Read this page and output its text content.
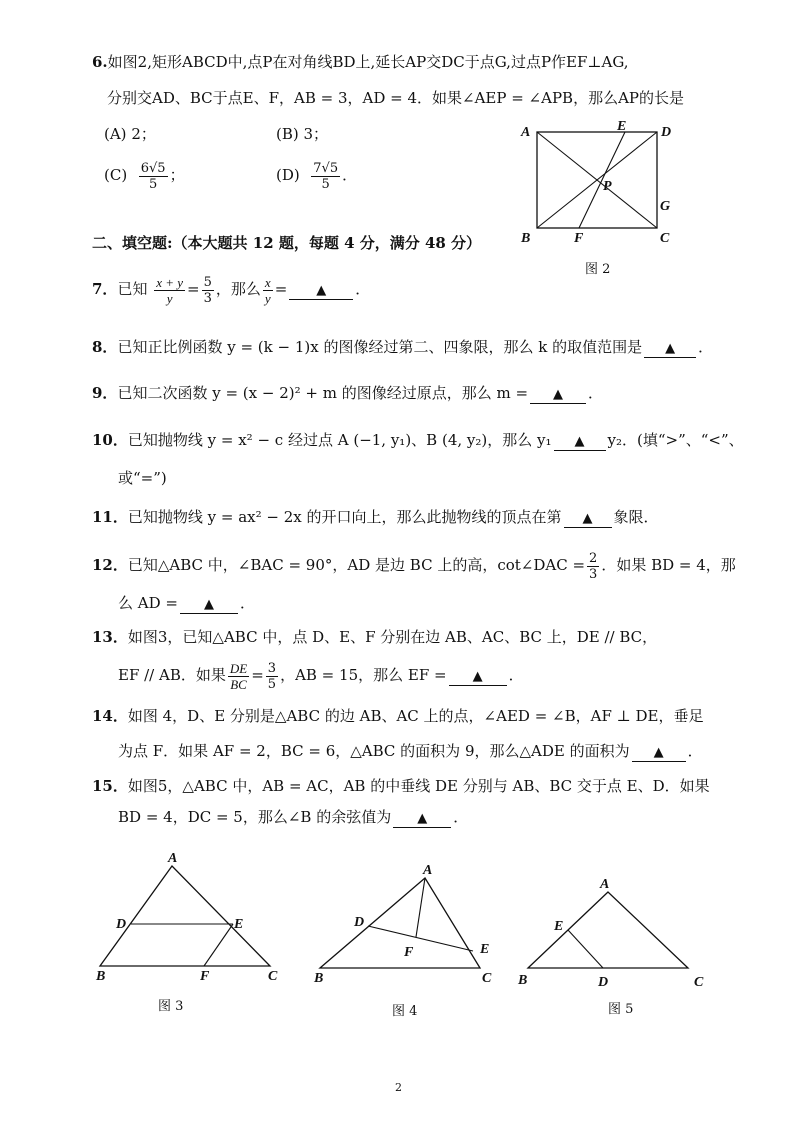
6.如图2,矩形ABCD中,点P在对角线BD上,延长AP交DC于点G,过点P作EF⊥AG,
分别交AD、BC于点E、F，AB = 3，AD = 4．如果∠AEP = ∠APB，那么AP的长是
(A) 2；	(B) 3；
$(C) \frac{6√5}{5}$ ；	$(D) \frac{7√5}{5}$ ．
A	E D
P
G
B	F	C
图 2
二、填空题:（本大题共 12 题，每题 4 分，满分 48 分）
7．已知 $\frac{x + y}{y} = \frac{5}{3}$ ，那么 $\frac{x}{y}$ = ▲ ．
8．已知正比例函数 y = (k − 1)x 的图像经过第二、四象限，那么 k 的取值范围是 ▲ ．
9．已知二次函数 y = (x − 2)² + m 的图像经过原点，那么 m = ▲ ．
10．已知抛物线 y = x² − c 经过点 A (−1, y₁)、B (4, y₂)，那么 y₁ ▲ y₂．(填“>”、“<”、
或“=”)
11．已知抛物线 y = ax² − 2x 的开口向上，那么此抛物线的顶点在第 ▲ 象限．
12．已知△ABC 中，∠BAC = 90°，AD 是边 BC 上的高，cot∠DAC = $\frac{2}{3}$ ．如果 BD = 4，那
么 AD = ▲ ．
13．如图3，已知△ABC 中，点 D、E、F 分别在边 AB、AC、BC 上，DE // BC，
EF // AB．如果 $\frac{DE}{BC} = \frac{3}{5}$ ，AB = 15，那么 EF = ▲ ．
14．如图 4，D、E 分别是△ABC 的边 AB、AC 上的点，∠AED = ∠B，AF ⊥ DE，垂足
为点 F．如果 AF = 2，BC = 6，△ABC 的面积为 9，那么△ADE 的面积为 ▲ ．
15．如图5，△ABC 中，AB = AC，AB 的中垂线 DE 分别与 AB、BC 交于点 E、D．如果
BD = 4，DC = 5，那么∠B 的余弦值为 ▲ ．
A
D	E
B	F	C
图 3
A
D
F	E
B	C
图 4
A
E
B	D	C
图 5
2
